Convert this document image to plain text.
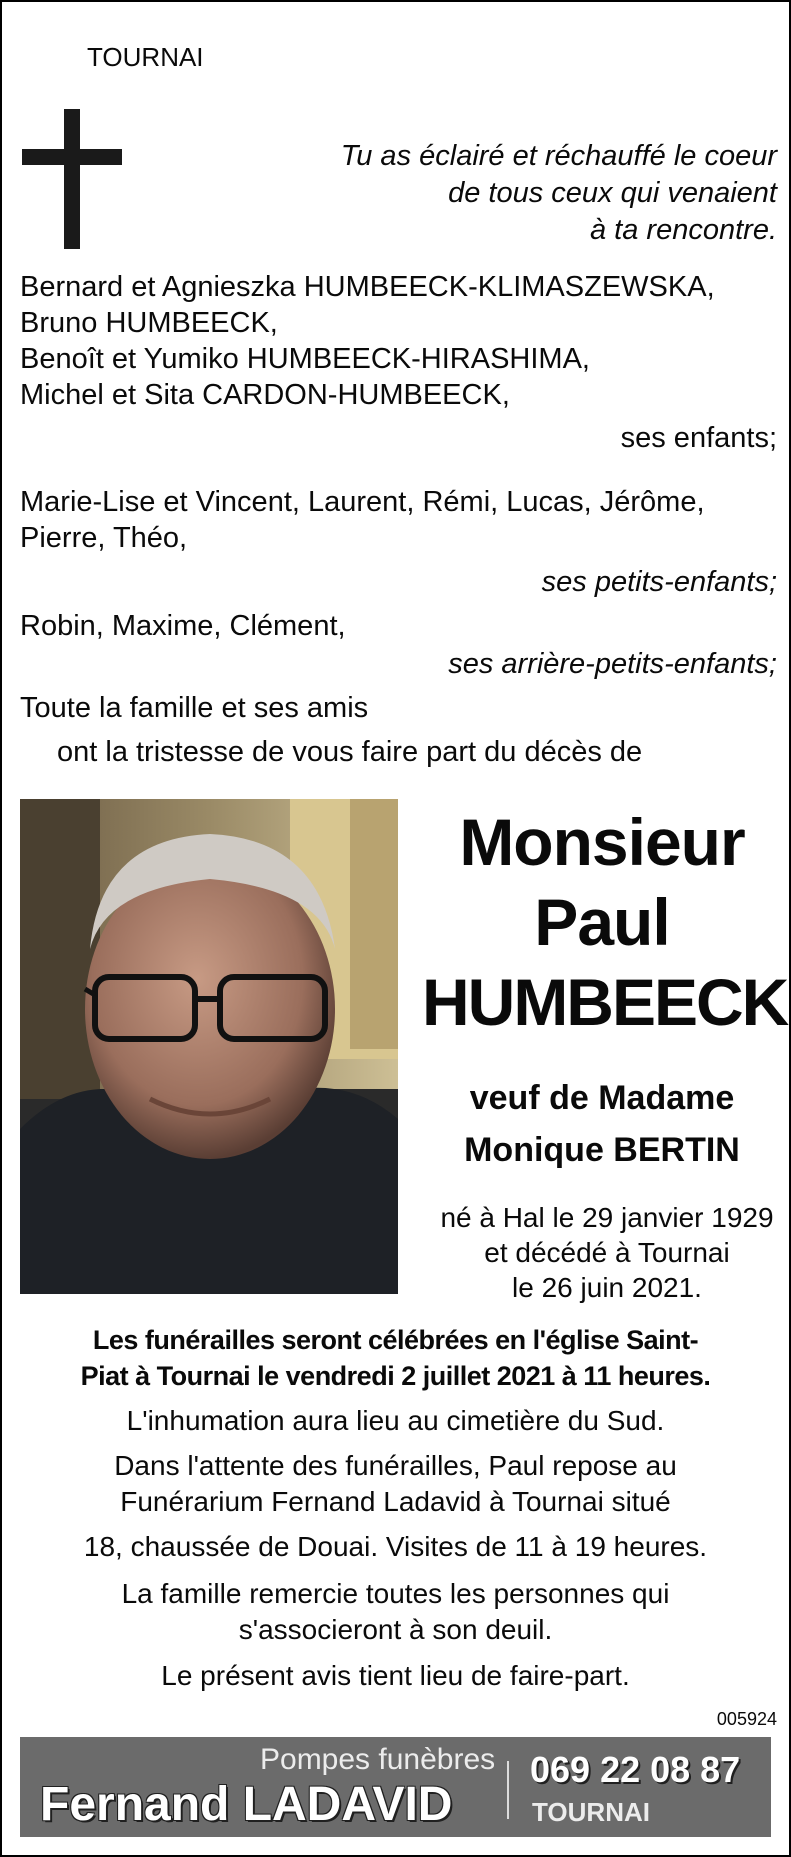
TOURNAI
Tu as éclairé et réchauffé le coeur
de tous ceux qui venaient
à ta rencontre.
Bernard et Agnieszka HUMBEECK-KLIMASZEWSKA,
Bruno HUMBEECK,
Benoît et Yumiko HUMBEECK-HIRASHIMA,
Michel et Sita CARDON-HUMBEECK,
ses enfants;
Marie-Lise et Vincent, Laurent, Rémi, Lucas, Jérôme,
Pierre, Théo,
ses petits-enfants;
Robin, Maxime, Clément,
ses arrière-petits-enfants;
Toute la famille et ses amis
ont la tristesse de vous faire part du décès de
Monsieur
Paul
HUMBEECK
veuf de Madame
Monique BERTIN
né à Hal le 29 janvier 1929
et décédé à Tournai
le 26 juin 2021.
Les funérailles seront célébrées en l'église Saint-
Piat à Tournai le vendredi 2 juillet 2021 à 11 heures.
L'inhumation aura lieu au cimetière du Sud.
Dans l'attente des funérailles, Paul repose au
Funérarium Fernand Ladavid à Tournai situé
18, chaussée de Douai. Visites de 11 à 19 heures.
La famille remercie toutes les personnes qui
s'associeront à son deuil.
Le présent avis tient lieu de faire-part.
005924
Pompes funèbres
Fernand LADAVID
069 22 08 87
TOURNAI
